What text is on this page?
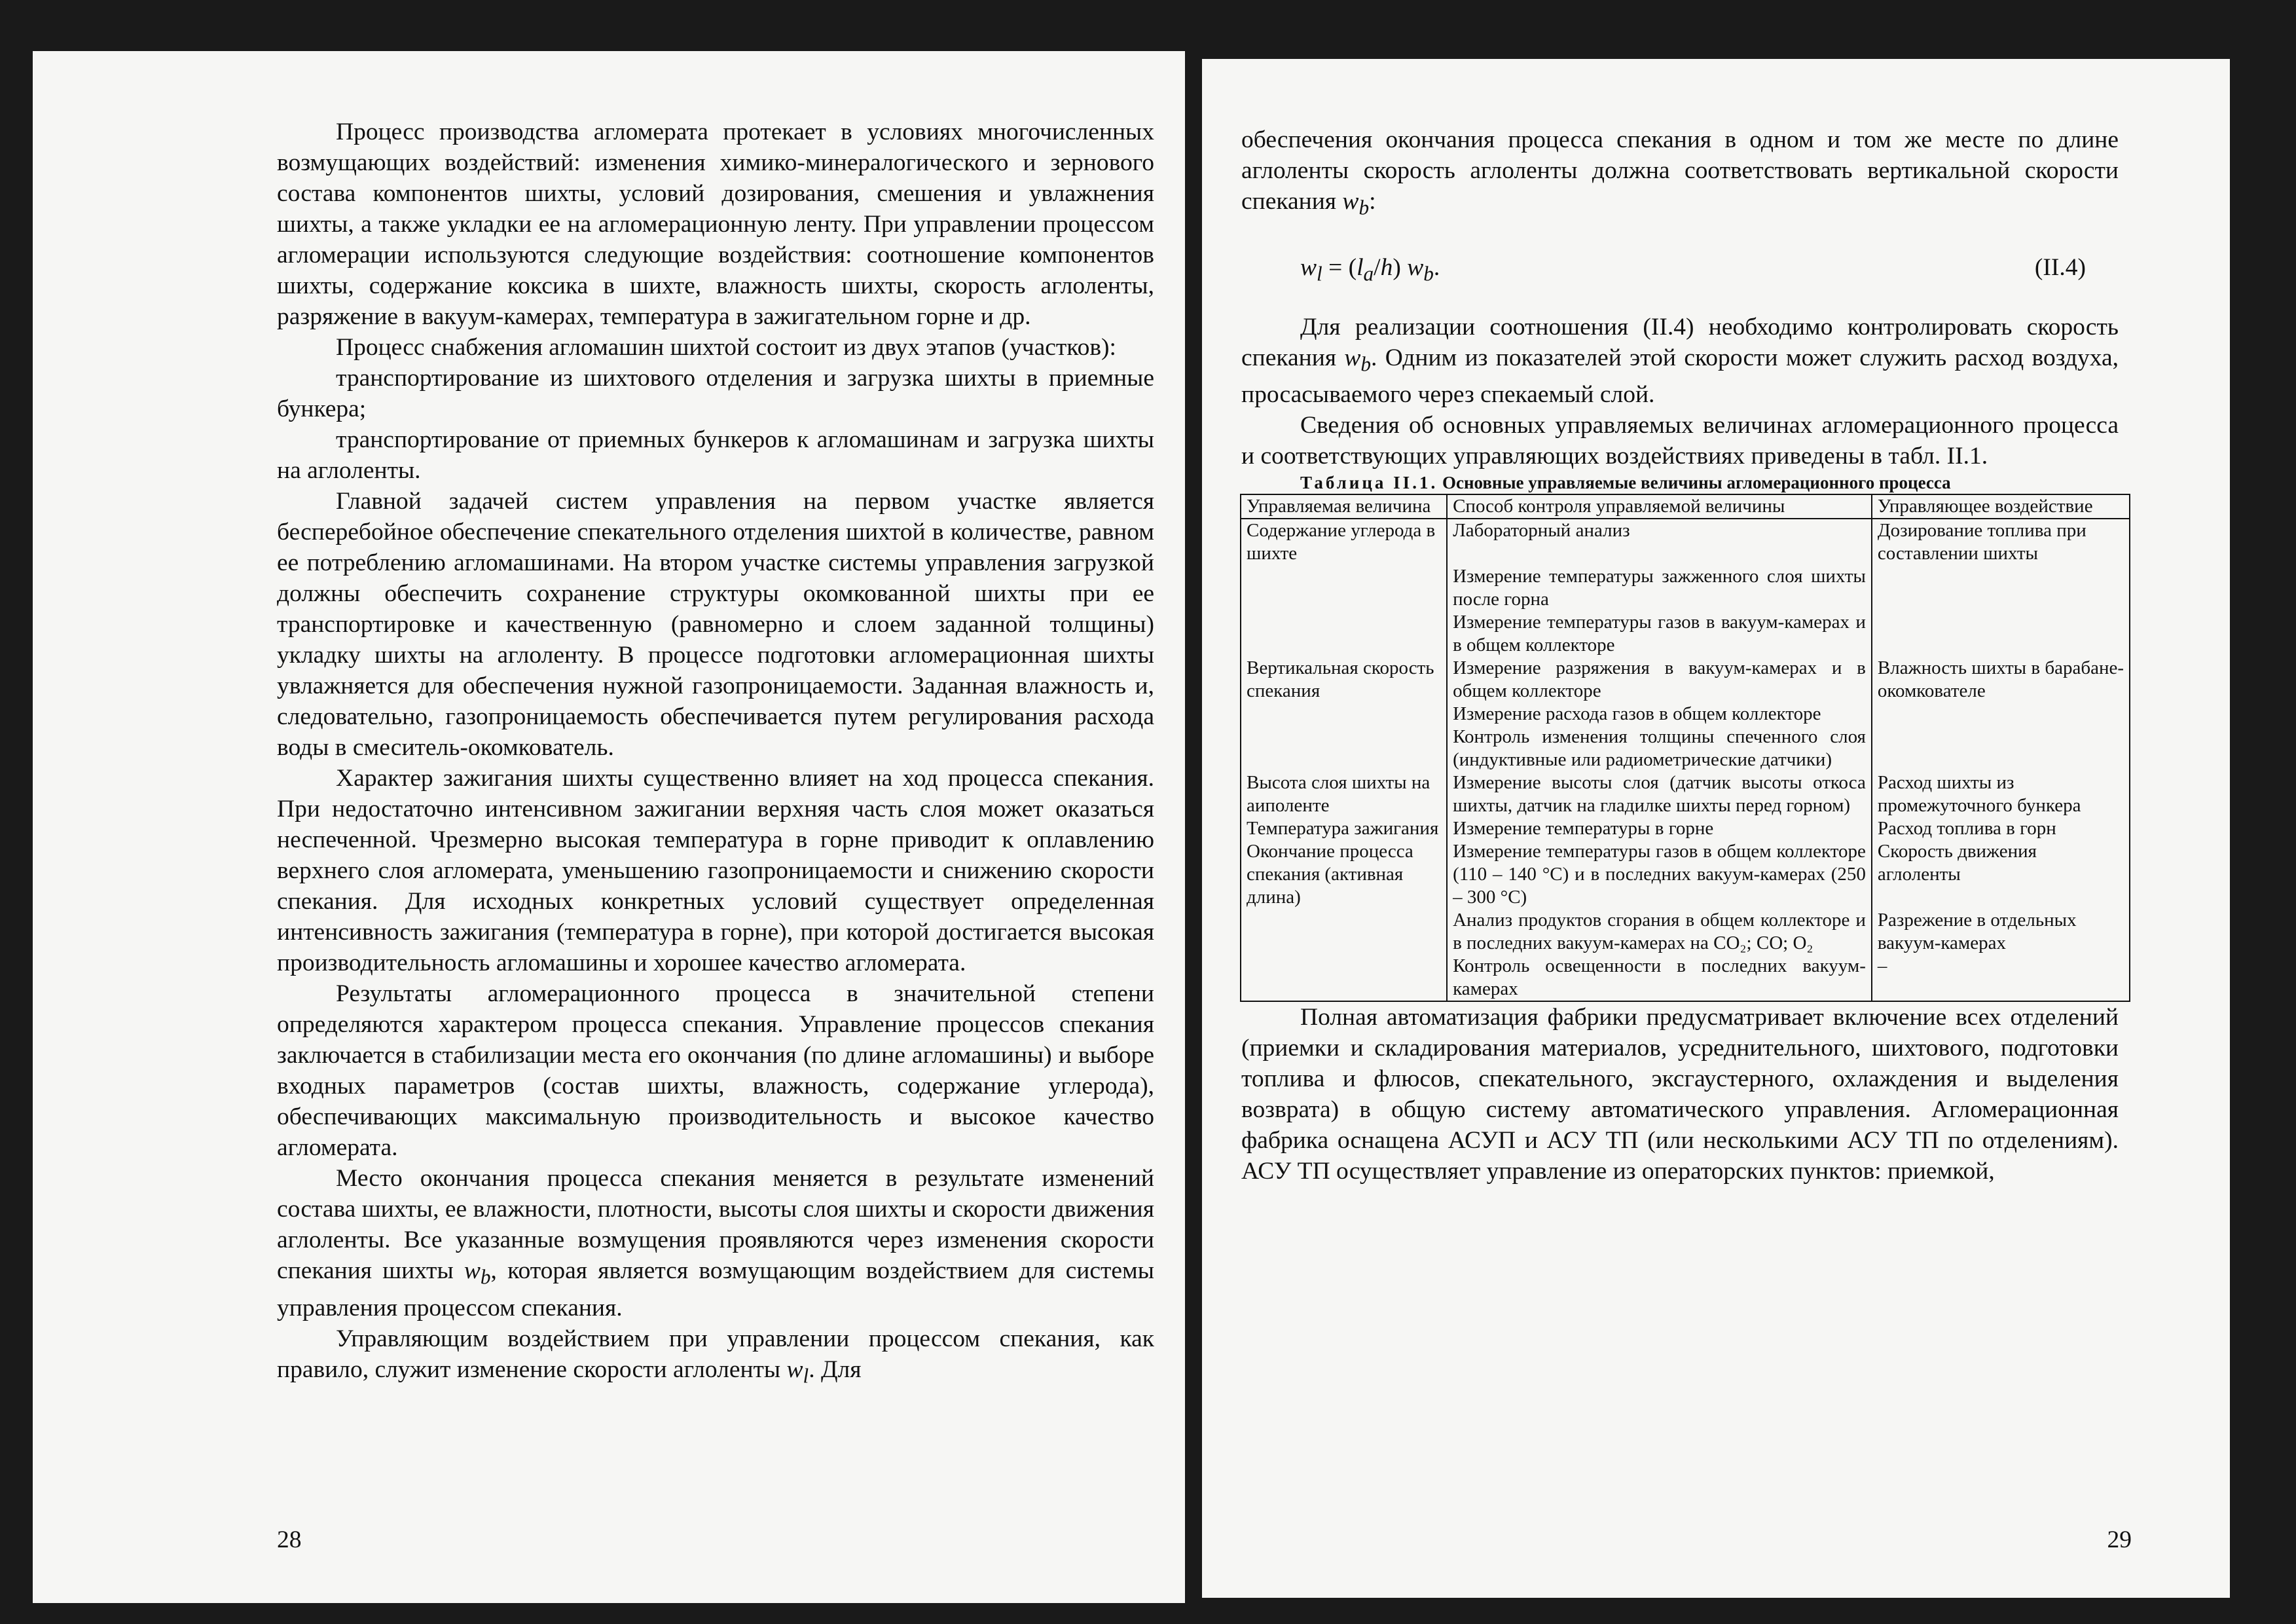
Процесс производства агломерата протекает в условиях многочисленных возмущающих воздействий: изменения химико-минералогического и зернового состава компонентов шихты, условий дозирования, смешения и увлажнения шихты, а также укладки ее на агломерационную ленту. При управлении процессом агломерации используются следующие воздействия: соотношение компонентов шихты, содержание коксика в шихте, влажность шихты, скорость аглоленты, разряжение в вакуум-камерах, температура в зажигательном горне и др.

Процесс снабжения агломашин шихтой состоит из двух этапов (участков):

транспортирование из шихтового отделения и загрузка шихты в приемные бункера;

транспортирование от приемных бункеров к агломашинам и загрузка шихты на аглоленты.

Главной задачей систем управления на первом участке является бесперебойное обеспечение спекательного отделения шихтой в количестве, равном ее потреблению агломашинами. На втором участке системы управления загрузкой должны обеспечить сохранение структуры окомкованной шихты при ее транспортировке и качественную (равномерно и слоем заданной толщины) укладку шихты на аглоленту. В процессе подготовки агломерационная шихты увлажняется для обеспечения нужной газопроницаемости. Заданная влажность и, следовательно, газопроницаемость обеспечивается путем регулирования расхода воды в смеситель-окомкователь.

Характер зажигания шихты существенно влияет на ход процесса спекания. При недостаточно интенсивном зажигании верхняя часть слоя может оказаться неспеченной. Чрезмерно высокая температура в горне приводит к оплавлению верхнего слоя агломерата, уменьшению газопроницаемости и снижению скорости спекания. Для исходных конкретных условий существует определенная интенсивность зажигания (температура в горне), при которой достигается высокая производительность агломашины и хорошее качество агломерата.

Результаты агломерационного процесса в значительной степени определяются характером процесса спекания. Управление процессов спекания заключается в стабилизации места его окончания (по длине агломашины) и выборе входных параметров (состав шихты, влажность, содержание углерода), обеспечивающих максимальную производительность и высокое качество агломерата.

Место окончания процесса спекания меняется в результате изменений состава шихты, ее влажности, плотности, высоты слоя шихты и скорости движения аглоленты. Все указанные возмущения проявляются через изменения скорости спекания шихты $w_b$, которая является возмущающим воздействием для системы управления процессом спекания.

Управляющим воздействием при управлении процессом спекания, как правило, служит изменение скорости аглоленты $w_l$. Для

28

обеспечения окончания процесса спекания в одном и том же месте по длине аглоленты скорость аглоленты должна соответствовать вертикальной скорости спекания $w_b$:

$w_l = (l_a/h)$ $w_b$.	(II.4)

Для реализации соотношения (II.4) необходимо контролировать скорость спекания $w_b$. Одним из показателей этой скорости может служить расход воздуха, просасываемого через спекаемый слой.

Сведения об основных управляемых величинах агломерационного процесса и соответствующих управляющих воздействиях приведены в табл. II.1.

Таблица II.1. Основные управляемые величины агломерационного процесса

Управляемая величина	Способ контроля управляемой величины	Управляющее воздействие
Содержание углерода в шихте	Лабораторный анализ	Дозирование топлива при составлении шихты
	Измерение температуры зажженного слоя шихты после горна	
	Измерение температуры газов в вакуум-камерах и в общем коллекторе	
Вертикальная скорость спекания	Измерение разряжения в вакуум-камерах и в общем коллекторе	Влажность шихты в барабане-окомкователе
	Измерение расхода газов в общем коллекторе	
	Контроль изменения толщины спеченного слоя (индуктивные или радиометрические датчики)	
Высота слоя шихты на аиполенте	Измерение высоты слоя (датчик высоты откоса шихты, датчик на гладилке шихты перед горном)	Расход шихты из промежуточного бункера
Температура зажигания	Измерение температуры в горне	Расход топлива в горн
Окончание процесса спекания (активная длина)	Измерение температуры газов в общем коллекторе (110 – 140 °С) и в последних вакуум-камерах (250 – 300 °С)	Скорость движения аглоленты
	Анализ продуктов сгорания в общем коллекторе и в последних вакуум-камерах на СО₂; СО; О₂	Разрежение в отдельных вакуум-камерах
	Контроль освещенности в последних вакуум-камерах	–

Полная автоматизация фабрики предусматривает включение всех отделений (приемки и складирования материалов, усреднительного, шихтового, подготовки топлива и флюсов, спекательного, эксгаустерного, охлаждения и выделения возврата) в общую систему автоматического управления. Агломерационная фабрика оснащена АСУП и АСУ ТП (или несколькими АСУ ТП по отделениям). АСУ ТП осуществляет управление из операторских пунктов: приемкой,

29
